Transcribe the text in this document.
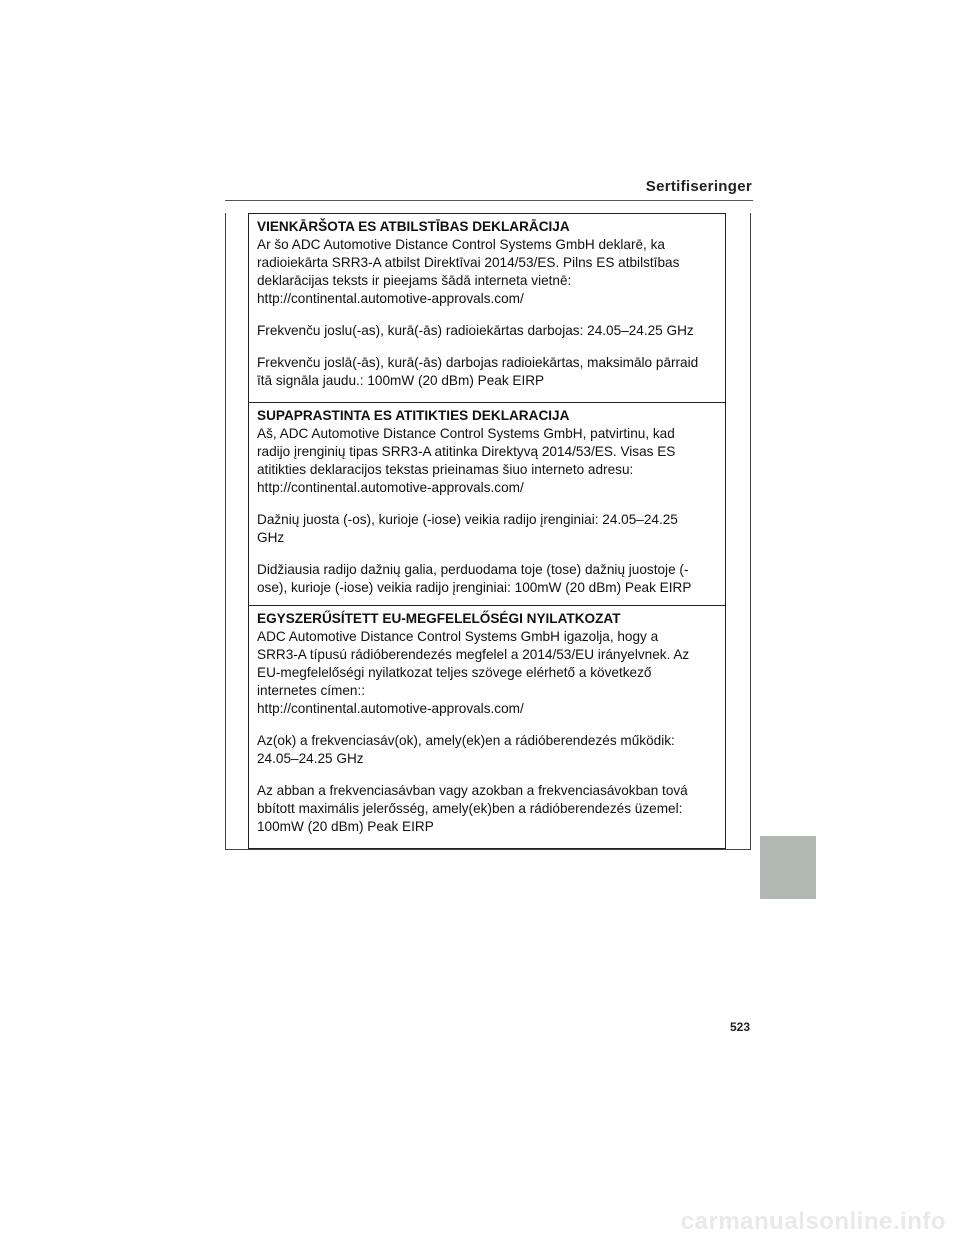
Sertifiseringer

VIENKĀRŠOTA ES ATBILSTĪBAS DEKLARĀCIJA

Ar šo ADC Automotive Distance Control Systems GmbH deklarē, ka

radioiekārta SRR3-A atbilst Direktīvai 2014/53/ES. Pilns ES atbilstības

deklarācijas teksts ir pieejams šādā interneta vietnē:

http://continental.automotive-approvals.com/

Frekvenču joslu(-as), kurā(-ās) radioiekārtas darbojas: 24.05–24.25 GHz

Frekvenču joslā(-ās), kurā(-ās) darbojas radioiekārtas, maksimālo pārraid

ītā signāla jaudu.: 100mW (20 dBm) Peak EIRP

SUPAPRASTINTA ES ATITIKTIES DEKLARACIJA

Aš, ADC Automotive Distance Control Systems GmbH, patvirtinu, kad

radijo įrenginių tipas SRR3-A atitinka Direktyvą 2014/53/ES. Visas ES

atitikties deklaracijos tekstas prieinamas šiuo interneto adresu:

http://continental.automotive-approvals.com/

Dažnių juosta (-os), kurioje (-iose) veikia radijo įrenginiai: 24.05–24.25

GHz

Didžiausia radijo dažnių galia, perduodama toje (tose) dažnių juostoje (-

ose), kurioje (-iose) veikia radijo įrenginiai: 100mW (20 dBm) Peak EIRP

EGYSZERŰSÍTETT EU-MEGFELELŐSÉGI NYILATKOZAT

ADC Automotive Distance Control Systems GmbH igazolja, hogy a

SRR3-A típusú rádióberendezés megfelel a 2014/53/EU irányelvnek. Az

EU-megfelelőségi nyilatkozat teljes szövege elérhető a következő

internetes címen::

http://continental.automotive-approvals.com/

Az(ok) a frekvenciasáv(ok), amely(ek)en a rádióberendezés működik:

24.05–24.25 GHz

Az abban a frekvenciasávban vagy azokban a frekvenciasávokban tová

bbított maximális jelerősség, amely(ek)ben a rádióberendezés üzemel:

100mW (20 dBm) Peak EIRP

523
carmanualsonline.info
